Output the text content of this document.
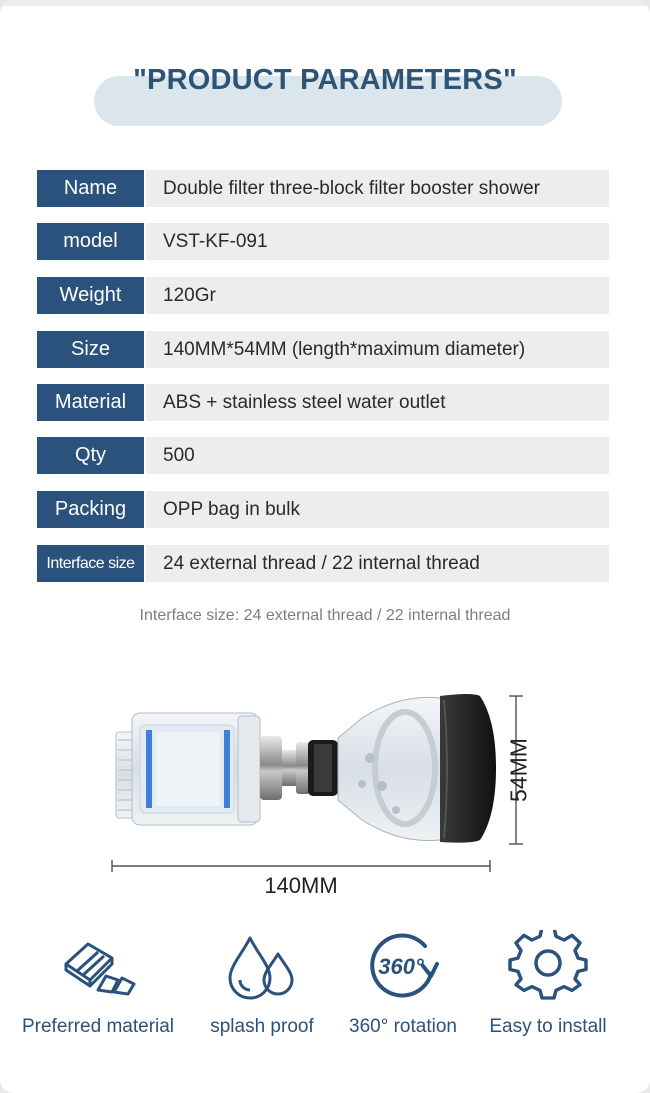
"PRODUCT PARAMETERS"
Name	Double filter three-block filter booster shower
model	VST-KF-091
Weight	120Gr
Size	140MM*54MM (length*maximum diameter)
Material	ABS + stainless steel water outlet
Qty	500
Packing	OPP bag in bulk
Interface size	24 external thread / 22 internal thread
Interface size: 24 external thread / 22 internal thread
54MM
140MM
Preferred material	splash proof
360°
360° rotation	Easy to install
